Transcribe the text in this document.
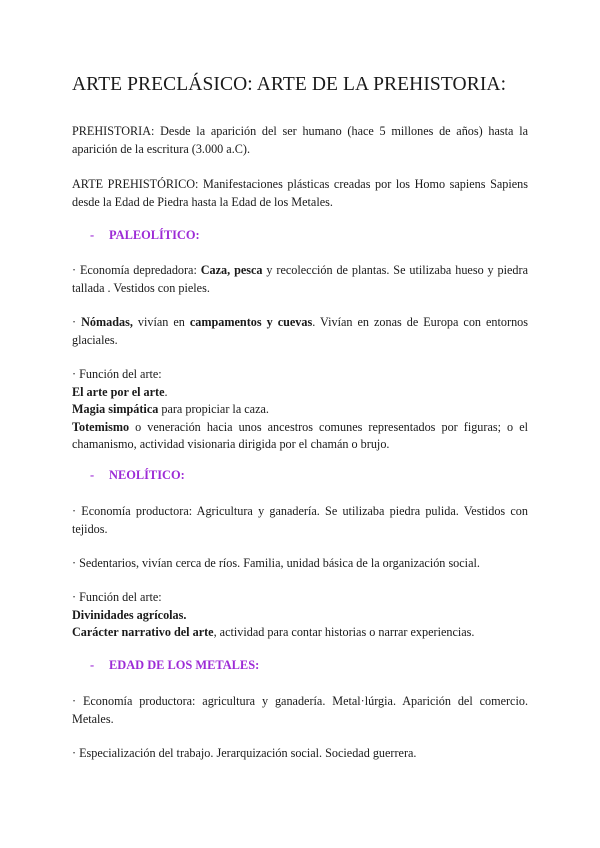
ARTE PRECLÁSICO: ARTE DE LA PREHISTORIA:

PREHISTORIA: Desde la aparición del ser humano (hace 5 millones de años) hasta la aparición de la escritura (3.000 a.C).

ARTE PREHISTÓRICO: Manifestaciones plásticas creadas por los Homo sapiens Sapiens desde la Edad de Piedra hasta la Edad de los Metales.

- PALEOLÍTICO:

· Economía depredadora: Caza, pesca y recolección de plantas. Se utilizaba hueso y piedra tallada . Vestidos con pieles.

· Nómadas, vivían en campamentos y cuevas. Vivían en zonas de Europa con entornos glaciales.

· Función del arte:
El arte por el arte.
Magia simpática para propiciar la caza.
Totemismo o veneración hacia unos ancestros comunes representados por figuras; o el chamanismo, actividad visionaria dirigida por el chamán o brujo.

- NEOLÍTICO:

· Economía productora: Agricultura y ganadería. Se utilizaba piedra pulida. Vestidos con tejidos.

· Sedentarios, vivían cerca de ríos. Familia, unidad básica de la organización social.

· Función del arte:
Divinidades agrícolas.
Carácter narrativo del arte, actividad para contar historias o narrar experiencias.

- EDAD DE LOS METALES:

· Economía productora: agricultura y ganadería. Metal·lúrgia. Aparición del comercio. Metales.

· Especialización del trabajo. Jerarquización social. Sociedad guerrera.
